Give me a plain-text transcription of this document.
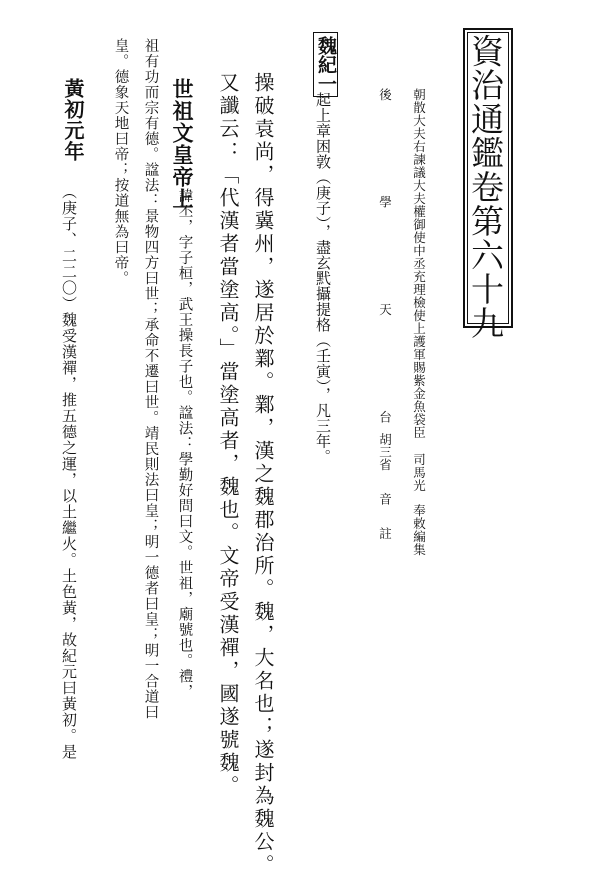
資治通鑑卷第六十九
朝散大夫右諫議大夫權御使中丞充理檢使上護軍賜紫金魚袋臣司馬光奉敕編集
後學天台胡三省音註
魏紀一
起上章困敦（庚子），盡玄黓攝提格（壬寅），凡三年。
操破袁尚，得冀州，遂居於鄴。鄴，漢之魏郡治所。魏，大名也；遂封為魏公。
又讖云：「代漢者當塗高。」當塗高者，魏也。文帝受漢禪，國遂號魏。
世祖文皇帝上
諱丕，字子桓，武王操長子也。諡法：學勤好問曰文。世祖，廟號也。禮，
祖有功而宗有德。諡法：景物四方曰世；承命不遷曰世。靖民則法曰皇；明一德者曰皇；明一合道曰
皇。德象天地曰帝；按道無為曰帝。
黃初元年
（庚子、二二〇）魏受漢禪，推五德之運，以土繼火。土色黃，故紀元曰黃初。是
